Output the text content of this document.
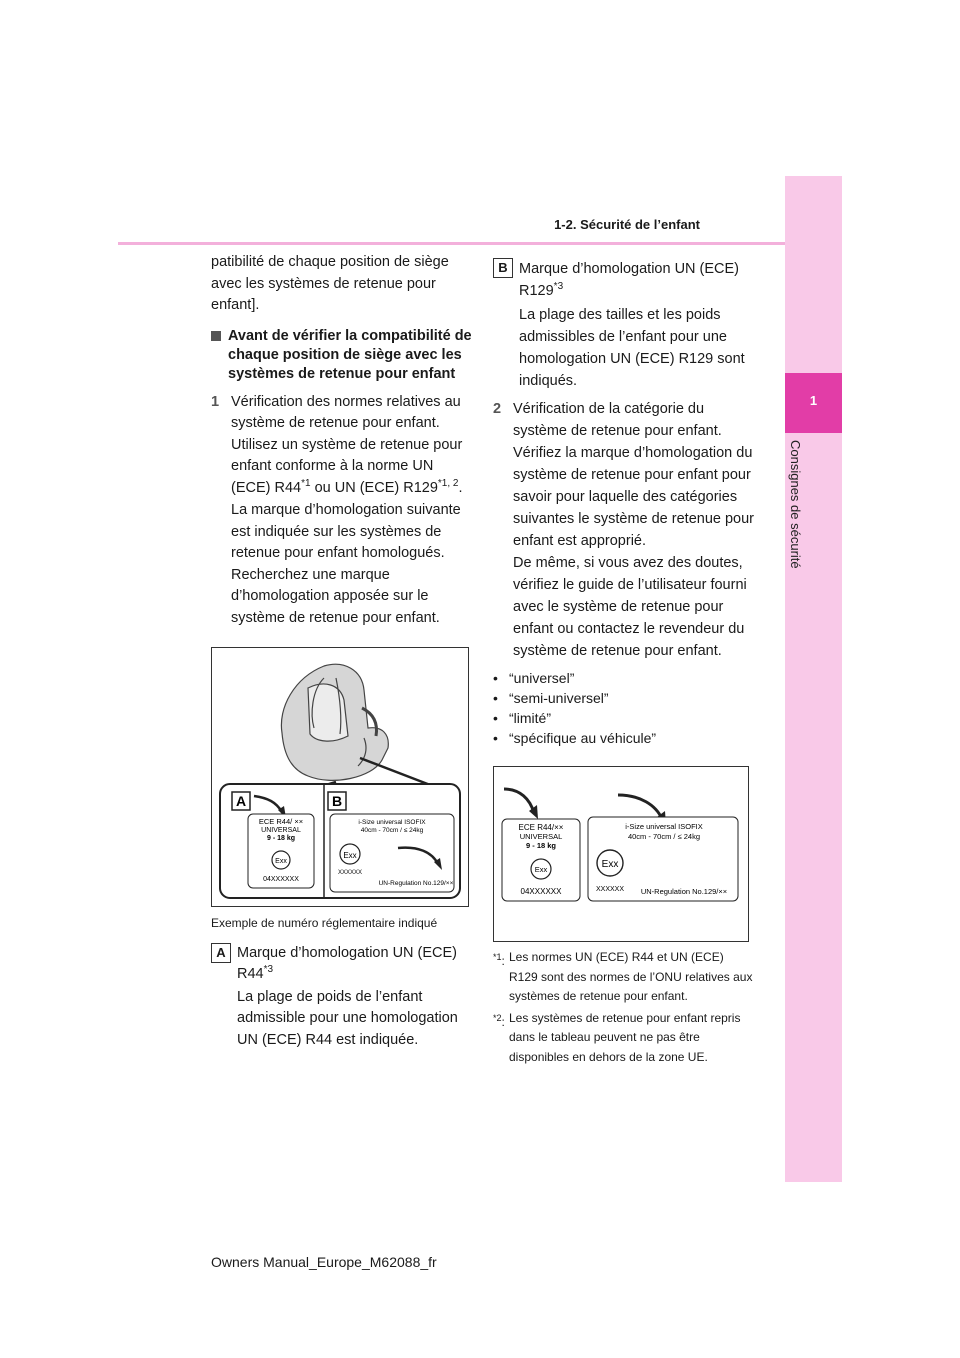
1-2. Sécurité de l’enfant
1
Consignes de sécurité

patibilité de chaque position de siège avec les systèmes de retenue pour enfant].

Avant de vérifier la compatibilité de chaque position de siège avec les systèmes de retenue pour enfant
1 Vérification des normes relatives au système de retenue pour enfant.

Utilisez un système de retenue pour enfant conforme à la norme UN (ECE) R44$^{*1}$ ou UN (ECE) R129$^{*1, 2}$.

La marque d’homologation suivante est indiquée sur les systèmes de retenue pour enfant homologués.

Recherchez une marque d’homologation apposée sur le système de retenue pour enfant.

A	B
ECE R44/ ××
UNIVERSAL
9 - 18 kg
Exx
04XXXXXX
i-Size universal ISOFIX
40cm - 70cm / ≤ 24kg
Exx
XXXXXX
UN-Regulation No.129/××
Exemple de numéro réglementaire indiqué
A Marque d’homologation UN (ECE) R44$^{*3}$

La plage de poids de l’enfant admissible pour une homologation UN (ECE) R44 est indiquée.

B Marque d’homologation UN (ECE) R129$^{*3}$

La plage des tailles et les poids admissibles de l’enfant pour une homologation UN (ECE) R129 sont indiqués.

2 Vérification de la catégorie du système de retenue pour enfant.

Vérifiez la marque d’homologation du système de retenue pour enfant pour savoir pour laquelle des catégories suivantes le système de retenue pour enfant est approprié.

De même, si vous avez des doutes, vérifiez le guide de l’utilisateur fourni avec le système de retenue pour enfant ou contactez le revendeur du système de retenue pour enfant.

• “universel”
• “semi-universel”
• “limité”
• “spécifique au véhicule”
ECE R44/××
UNIVERSAL
9 - 18 kg
Exx
04XXXXXX
i-Size universal ISOFIX
40cm - 70cm / ≤ 24kg
Exx
XXXXXX UN-Regulation No.129/××
$^{*1}$: Les normes UN (ECE) R44 et UN (ECE) R129 sont des normes de l’ONU relatives aux systèmes de retenue pour enfant.
$^{*2}$: Les systèmes de retenue pour enfant repris dans le tableau peuvent ne pas être disponibles en dehors de la zone UE.
Owners Manual_Europe_M62088_fr
